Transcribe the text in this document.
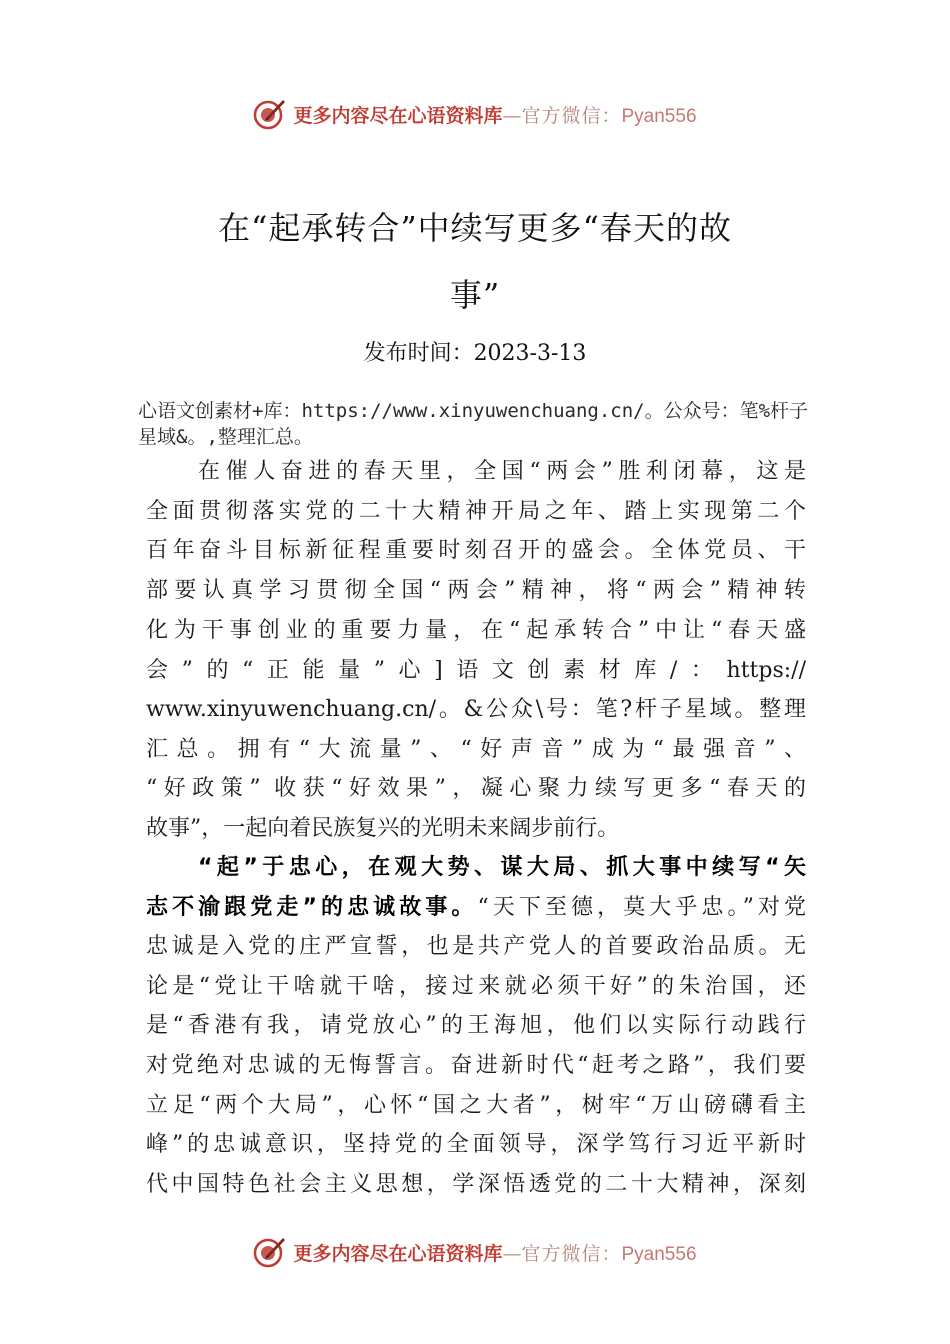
更多内容尽在心语资料库—官方微信：Pyan556
在“起承转合”中续写更多“春天的故
事”
发布时间：2023-3-13
心语文创素材+库：https://www.xinyuwenchuang.cn/。公众号：笔%杆子星域&。,整理汇总。
在催人奋进的春天里，全国“两会”胜利闭幕，这是
全面贯彻落实党的二十大精神开局之年、踏上实现第二个
百年奋斗目标新征程重要时刻召开的盛会。全体党员、干
部要认真学习贯彻全国“两会”精神，将“两会”精神转
化为干事创业的重要力量，在“起承转合”中让“春天盛
会”的“正能量”心]语文创素材库/：https://
www.xinyuwenchuang.cn/。&公众\号：笔?杆子星域。整理
汇总。拥有“大流量”、“好声音”成为“最强音”、
“好政策” 收获“好效果”，凝心聚力续写更多“春天的
故事”，一起向着民族复兴的光明未来阔步前行。
“起”于忠心，在观大势、谋大局、抓大事中续写“矢
志不渝跟党走”的忠诚故事。“天下至德，莫大乎忠。”对党
忠诚是入党的庄严宣誓，也是共产党人的首要政治品质。无
论是“党让干啥就干啥，接过来就必须干好”的朱治国，还
是“香港有我，请党放心”的王海旭，他们以实际行动践行
对党绝对忠诚的无悔誓言。奋进新时代“赶考之路”，我们要
立足“两个大局”，心怀“国之大者”，树牢“万山磅礴看主
峰”的忠诚意识，坚持党的全面领导，深学笃行习近平新时
代中国特色社会主义思想，学深悟透党的二十大精神，深刻
更多内容尽在心语资料库—官方微信：Pyan556
